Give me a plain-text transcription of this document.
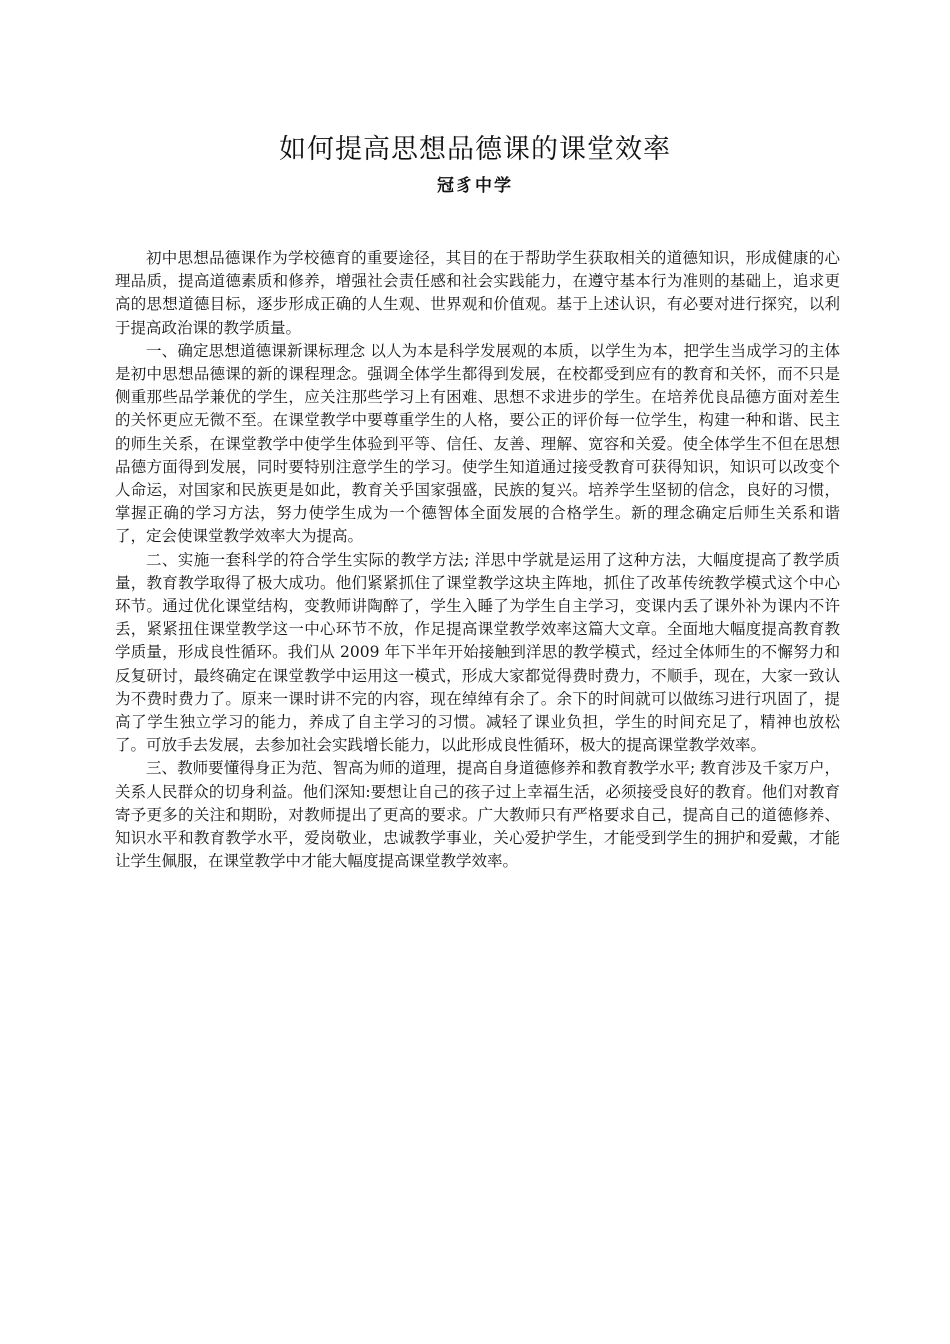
如何提高思想品德课的课堂效率
冠豸中学

初中思想品德课作为学校德育的重要途径，其目的在于帮助学生获取相关的道德知识，形成健康的心理品质，提高道德素质和修养，增强社会责任感和社会实践能力，在遵守基本行为准则的基础上，追求更高的思想道德目标，逐步形成正确的人生观、世界观和价值观。基于上述认识，有必要对进行探究，以利于提高政治课的教学质量。

一、确定思想道德课新课标理念 以人为本是科学发展观的本质，以学生为本，把学生当成学习的主体是初中思想品德课的新的课程理念。强调全体学生都得到发展，在校都受到应有的教育和关怀，而不只是侧重那些品学兼优的学生，应关注那些学习上有困难、思想不求进步的学生。在培养优良品德方面对差生的关怀更应无微不至。在课堂教学中要尊重学生的人格，要公正的评价每一位学生，构建一种和谐、民主的师生关系，在课堂教学中使学生体验到平等、信任、友善、理解、宽容和关爱。使全体学生不但在思想品德方面得到发展，同时要特别注意学生的学习。使学生知道通过接受教育可获得知识，知识可以改变个人命运，对国家和民族更是如此，教育关乎国家强盛，民族的复兴。培养学生坚韧的信念，良好的习惯，掌握正确的学习方法，努力使学生成为一个德智体全面发展的合格学生。新的理念确定后师生关系和谐了，定会使课堂教学效率大为提高。

二、实施一套科学的符合学生实际的教学方法; 洋思中学就是运用了这种方法，大幅度提高了教学质量，教育教学取得了极大成功。他们紧紧抓住了课堂教学这块主阵地，抓住了改革传统教学模式这个中心环节。通过优化课堂结构，变教师讲陶醉了，学生入睡了为学生自主学习，变课内丢了课外补为课内不许丢，紧紧扭住课堂教学这一中心环节不放，作足提高课堂教学效率这篇大文章。全面地大幅度提高教育教学质量，形成良性循环。我们从 2009 年下半年开始接触到洋思的教学模式，经过全体师生的不懈努力和反复研讨，最终确定在课堂教学中运用这一模式，形成大家都觉得费时费力，不顺手，现在，大家一致认为不费时费力了。原来一课时讲不完的内容，现在绰绰有余了。余下的时间就可以做练习进行巩固了，提高了学生独立学习的能力，养成了自主学习的习惯。减轻了课业负担，学生的时间充足了，精神也放松了。可放手去发展，去参加社会实践增长能力，以此形成良性循环，极大的提高课堂教学效率。

三、教师要懂得身正为范、智高为师的道理，提高自身道德修养和教育教学水平; 教育涉及千家万户，关系人民群众的切身利益。他们深知:要想让自己的孩子过上幸福生活，必须接受良好的教育。他们对教育寄予更多的关注和期盼，对教师提出了更高的要求。广大教师只有严格要求自己，提高自己的道德修养、知识水平和教育教学水平，爱岗敬业，忠诚教学事业，关心爱护学生，才能受到学生的拥护和爱戴，才能让学生佩服，在课堂教学中才能大幅度提高课堂教学效率。
